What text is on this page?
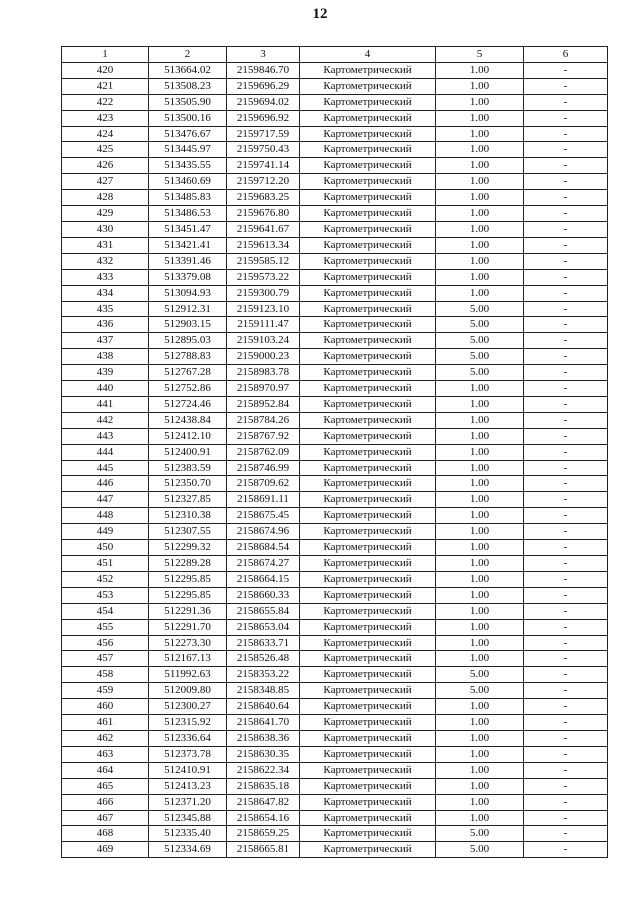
12
1	2	3	4	5	6
420	513664.02	2159846.70	Картометрический	1.00	-
421	513508.23	2159696.29	Картометрический	1.00	-
422	513505.90	2159694.02	Картометрический	1.00	-
423	513500.16	2159696.92	Картометрический	1.00	-
424	513476.67	2159717.59	Картометрический	1.00	-
425	513445.97	2159750.43	Картометрический	1.00	-
426	513435.55	2159741.14	Картометрический	1.00	-
427	513460.69	2159712.20	Картометрический	1.00	-
428	513485.83	2159683.25	Картометрический	1.00	-
429	513486.53	2159676.80	Картометрический	1.00	-
430	513451.47	2159641.67	Картометрический	1.00	-
431	513421.41	2159613.34	Картометрический	1.00	-
432	513391.46	2159585.12	Картометрический	1.00	-
433	513379.08	2159573.22	Картометрический	1.00	-
434	513094.93	2159300.79	Картометрический	1.00	-
435	512912.31	2159123.10	Картометрический	5.00	-
436	512903.15	2159111.47	Картометрический	5.00	-
437	512895.03	2159103.24	Картометрический	5.00	-
438	512788.83	2159000.23	Картометрический	5.00	-
439	512767.28	2158983.78	Картометрический	5.00	-
440	512752.86	2158970.97	Картометрический	1.00	-
441	512724.46	2158952.84	Картометрический	1.00	-
442	512438.84	2158784.26	Картометрический	1.00	-
443	512412.10	2158767.92	Картометрический	1.00	-
444	512400.91	2158762.09	Картометрический	1.00	-
445	512383.59	2158746.99	Картометрический	1.00	-
446	512350.70	2158709.62	Картометрический	1.00	-
447	512327.85	2158691.11	Картометрический	1.00	-
448	512310.38	2158675.45	Картометрический	1.00	-
449	512307.55	2158674.96	Картометрический	1.00	-
450	512299.32	2158684.54	Картометрический	1.00	-
451	512289.28	2158674.27	Картометрический	1.00	-
452	512295.85	2158664.15	Картометрический	1.00	-
453	512295.85	2158660.33	Картометрический	1.00	-
454	512291.36	2158655.84	Картометрический	1.00	-
455	512291.70	2158653.04	Картометрический	1.00	-
456	512273.30	2158633.71	Картометрический	1.00	-
457	512167.13	2158526.48	Картометрический	1.00	-
458	511992.63	2158353.22	Картометрический	5.00	-
459	512009.80	2158348.85	Картометрический	5.00	-
460	512300.27	2158640.64	Картометрический	1.00	-
461	512315.92	2158641.70	Картометрический	1.00	-
462	512336.64	2158638.36	Картометрический	1.00	-
463	512373.78	2158630.35	Картометрический	1.00	-
464	512410.91	2158622.34	Картометрический	1.00	-
465	512413.23	2158635.18	Картометрический	1.00	-
466	512371.20	2158647.82	Картометрический	1.00	-
467	512345.88	2158654.16	Картометрический	1.00	-
468	512335.40	2158659.25	Картометрический	5.00	-
469	512334.69	2158665.81	Картометрический	5.00	-
